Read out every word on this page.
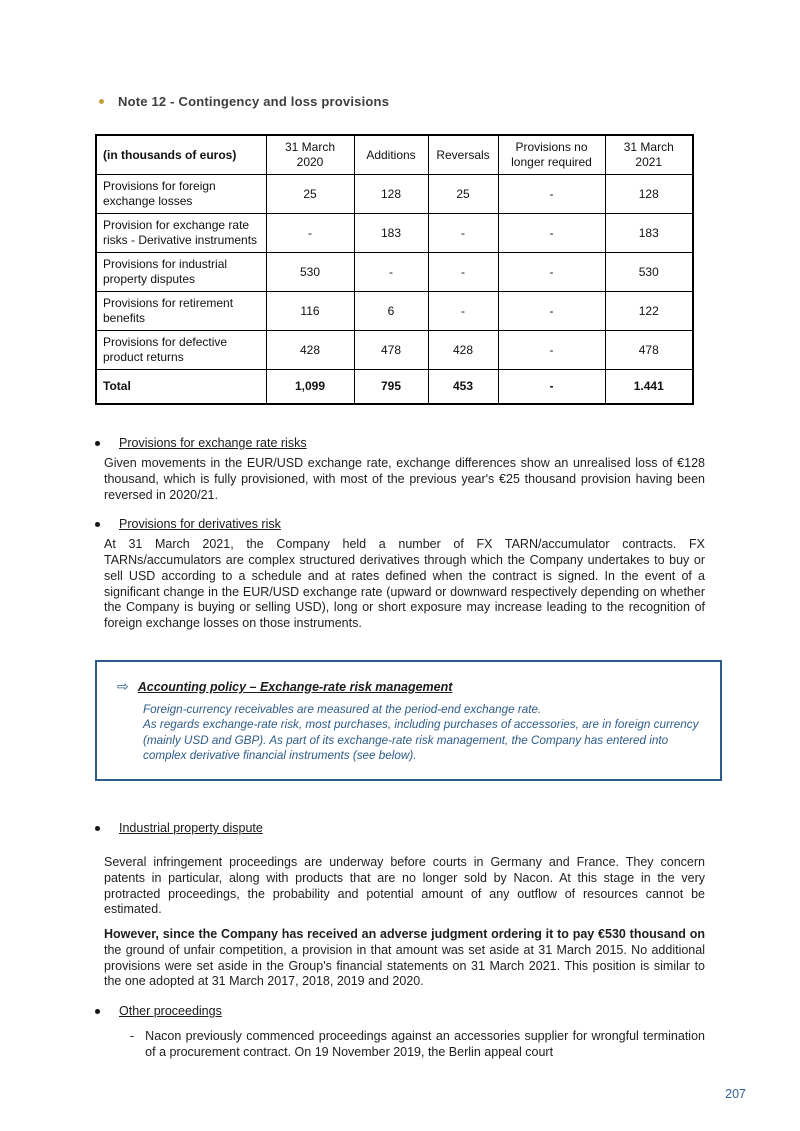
Note 12 - Contingency and loss provisions
(in thousands of euros)	31 March 2020	Additions	Reversals	Provisions no longer required	31 March 2021
Provisions for foreign exchange losses	25	128	25	-	128
Provision for exchange rate risks - Derivative instruments	-	183	-	-	183
Provisions for industrial property disputes	530	-	-	-	530
Provisions for retirement benefits	116	6	-	-	122
Provisions for defective product returns	428	478	428	-	478
Total	1,099	795	453	-	1.441
Provisions for exchange rate risks

Given movements in the EUR/USD exchange rate, exchange differences show an unrealised loss of €128 thousand, which is fully provisioned, with most of the previous year's €25 thousand provision having been reversed in 2020/21.

Provisions for derivatives risk

At 31 March 2021, the Company held a number of FX TARN/accumulator contracts. FX TARNs/accumulators are complex structured derivatives through which the Company undertakes to buy or sell USD according to a schedule and at rates defined when the contract is signed. In the event of a significant change in the EUR/USD exchange rate (upward or downward respectively depending on whether the Company is buying or selling USD), long or short exposure may increase leading to the recognition of foreign exchange losses on those instruments.

⇨ Accounting policy – Exchange-rate risk management

Foreign-currency receivables are measured at the period-end exchange rate.

As regards exchange-rate risk, most purchases, including purchases of accessories, are in foreign currency (mainly USD and GBP). As part of its exchange-rate risk management, the Company has entered into complex derivative financial instruments (see below).

Industrial property dispute

Several infringement proceedings are underway before courts in Germany and France. They concern patents in particular, along with products that are no longer sold by Nacon. At this stage in the very protracted proceedings, the probability and potential amount of any outflow of resources cannot be estimated.

However, since the Company has received an adverse judgment ordering it to pay €530 thousand on the ground of unfair competition, a provision in that amount was set aside at 31 March 2015. No additional provisions were set aside in the Group's financial statements on 31 March 2021. This position is similar to the one adopted at 31 March 2017, 2018, 2019 and 2020.

Other proceedings
- Nacon previously commenced proceedings against an accessories supplier for wrongful termination of a procurement contract. On 19 November 2019, the Berlin appeal court

207
